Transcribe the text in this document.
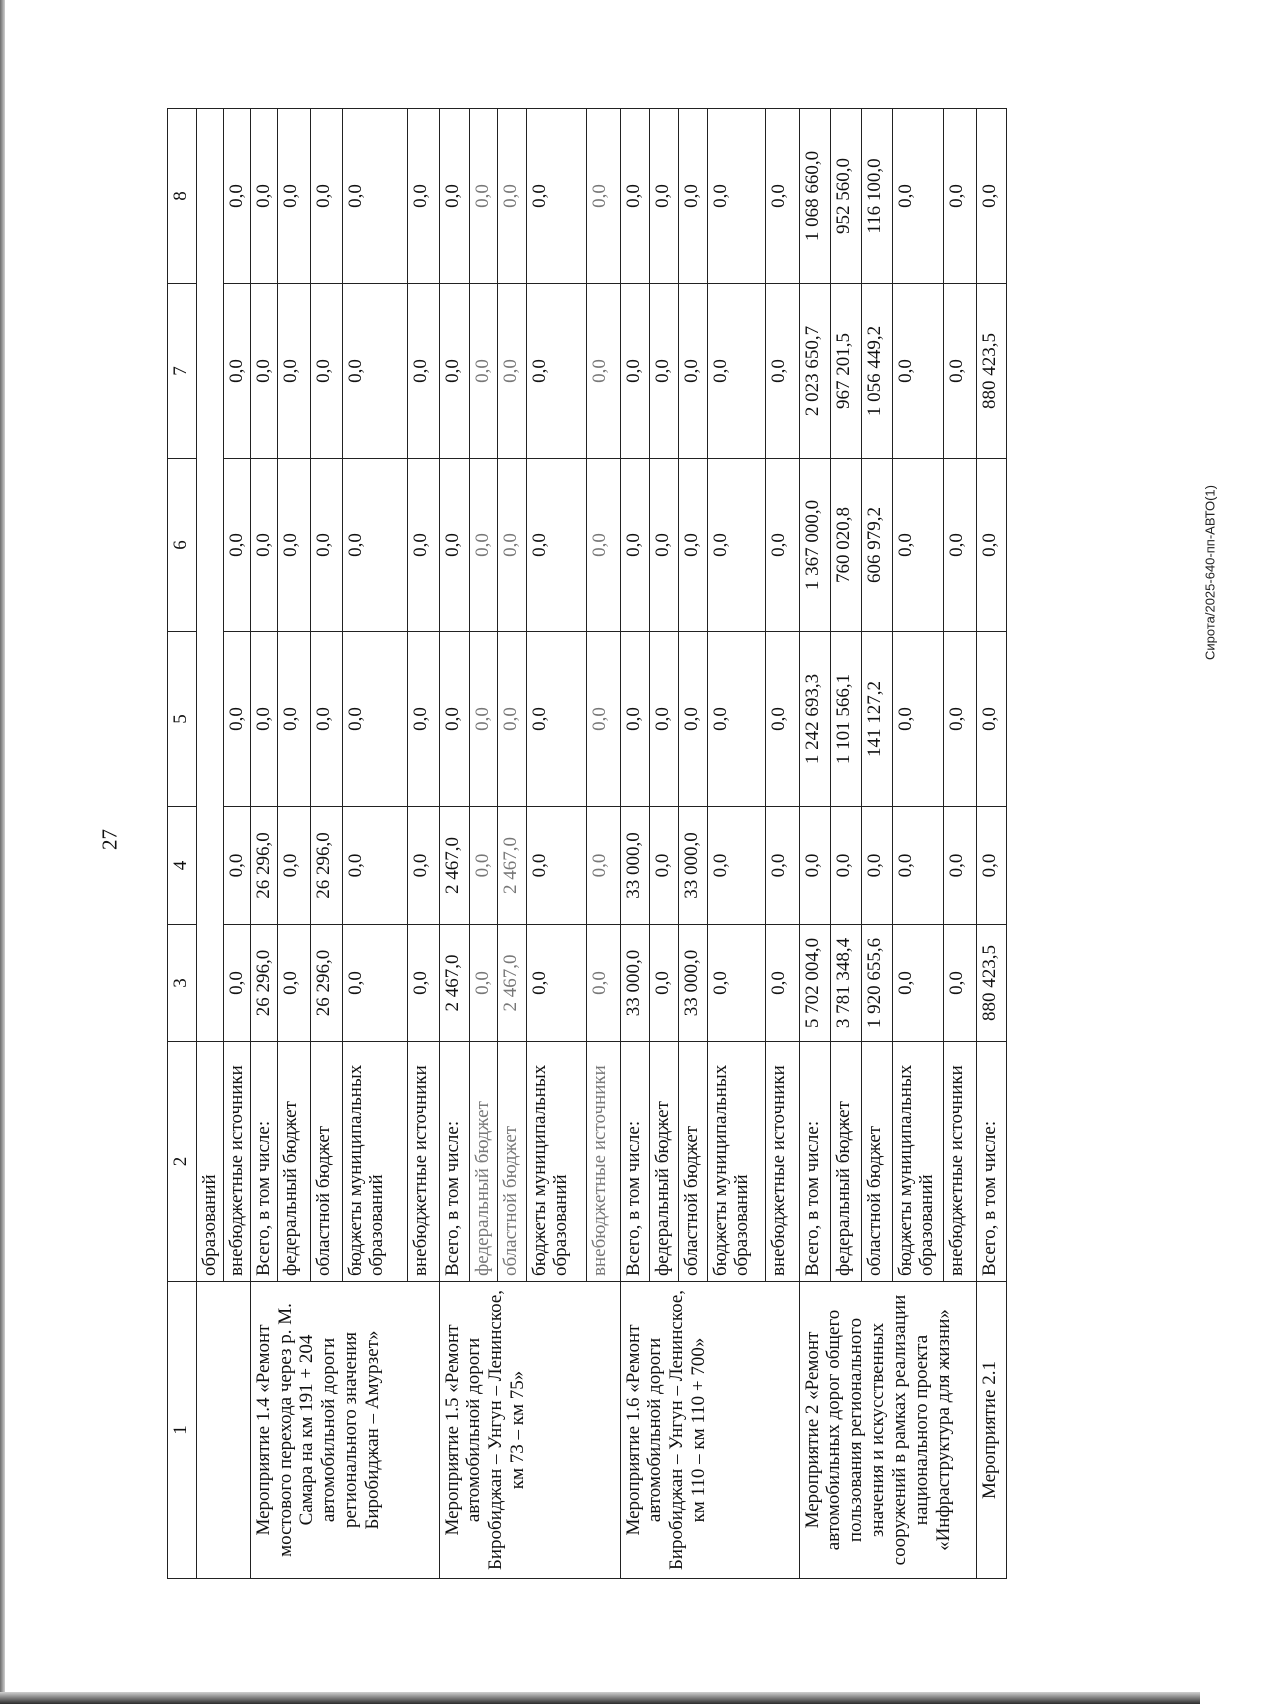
27
Сирота/2025-640-пп-АВТО(1)
1	2	3	4	5	6	7	8
	образований						
	внебюджетные источники	0,0	0,0	0,0	0,0	0,0	0,0
Мероприятие 1.4 «Ремонт мостового перехода через р. М. Самара на км 191 + 204 автомобильной дороги регионального значения Биробиджан – Амурзет»	Всего, в том числе:	26 296,0	26 296,0	0,0	0,0	0,0	0,0
	федеральный бюджет	0,0	0,0	0,0	0,0	0,0	0,0
	областной бюджет	26 296,0	26 296,0	0,0	0,0	0,0	0,0
	бюджеты муниципальных образований	0,0	0,0	0,0	0,0	0,0	0,0
	внебюджетные источники	0,0	0,0	0,0	0,0	0,0	0,0
Мероприятие 1.5 «Ремонт автомобильной дороги Биробиджан – Унгун – Ленинское, км 73 – км 75»	Всего, в том числе:	2 467,0	2 467,0	0,0	0,0	0,0	0,0
	федеральный бюджет	0,0	0,0	0,0	0,0	0,0	0,0
	областной бюджет	2 467,0	2 467,0	0,0	0,0	0,0	0,0
	бюджеты муниципальных образований	0,0	0,0	0,0	0,0	0,0	0,0
	внебюджетные источники	0,0	0,0	0,0	0,0	0,0	0,0
Мероприятие 1.6 «Ремонт автомобильной дороги Биробиджан – Унгун – Ленинское, км 110 – км 110 + 700»	Всего, в том числе:	33 000,0	33 000,0	0,0	0,0	0,0	0,0
	федеральный бюджет	0,0	0,0	0,0	0,0	0,0	0,0
	областной бюджет	33 000,0	33 000,0	0,0	0,0	0,0	0,0
	бюджеты муниципальных образований	0,0	0,0	0,0	0,0	0,0	0,0
	внебюджетные источники	0,0	0,0	0,0	0,0	0,0	0,0
Мероприятие 2 «Ремонт автомобильных дорог общего пользования регионального значения и искусственных сооружений в рамках реализации национального проекта «Инфраструктура для жизни»	Всего, в том числе:	5 702 004,0	0,0	1 242 693,3	1 367 000,0	2 023 650,7	1 068 660,0
	федеральный бюджет	3 781 348,4	0,0	1 101 566,1	760 020,8	967 201,5	952 560,0
	областной бюджет	1 920 655,6	0,0	141 127,2	606 979,2	1 056 449,2	116 100,0
	бюджеты муниципальных образований	0,0	0,0	0,0	0,0	0,0	0,0
	внебюджетные источники	0,0	0,0	0,0	0,0	0,0	0,0
Мероприятие 2.1	Всего, в том числе:	880 423,5	0,0	0,0	0,0	880 423,5	0,0
